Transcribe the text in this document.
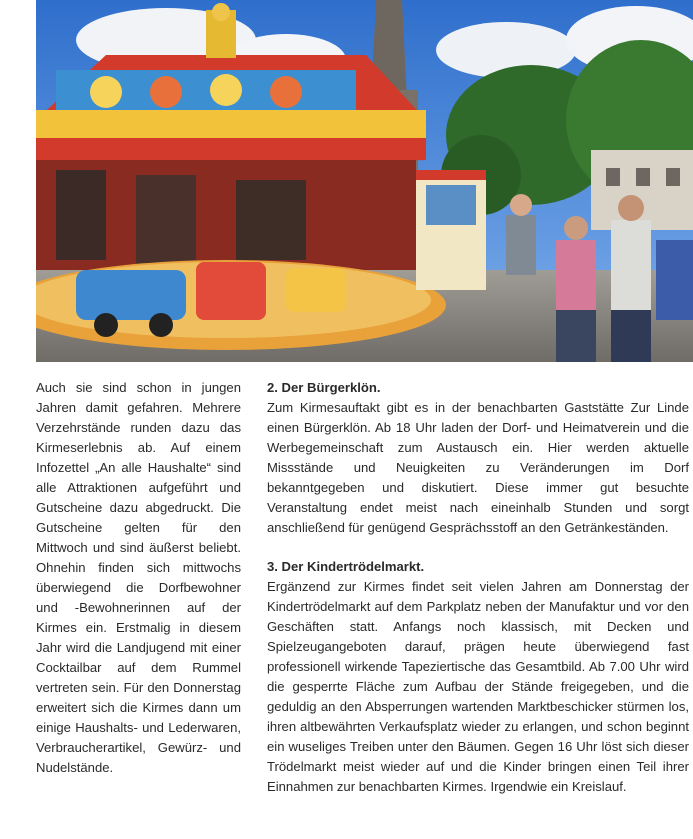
Auch sie sind schon in jungen Jahren damit gefahren. Mehrere Verzehrstände runden dazu das Kirmeserlebnis ab. Auf einem Infozettel „An alle Haushalte“ sind alle Attraktionen aufgeführt und Gutscheine dazu abgedruckt. Die Gutscheine gelten für den Mittwoch und sind äußerst beliebt. Ohnehin finden sich mittwochs überwiegend die Dorfbewohner und -Bewohnerinnen auf der Kirmes ein. Erstmalig in diesem Jahr wird die Landjugend mit einer Cocktailbar auf dem Rummel vertreten sein. Für den Donnerstag erweitert sich die Kirmes dann um einige Haushalts- und Lederwaren, Verbraucherartikel, Gewürz- und Nudelstände.

2. Der Bürgerklön.

Zum Kirmesauftakt gibt es in der benachbarten Gaststätte Zur Linde einen Bürgerklön. Ab 18 Uhr laden der Dorf- und Heimatverein und die Werbegemeinschaft zum Austausch ein. Hier werden aktuelle Missstände und Neuigkeiten zu Veränderungen im Dorf bekanntgegeben und diskutiert. Diese immer gut besuchte Veranstaltung endet meist nach eineinhalb Stunden und sorgt anschließend für genügend Gesprächsstoff an den Getränkeständen.

3. Der Kindertrödelmarkt.

Ergänzend zur Kirmes findet seit vielen Jahren am Donnerstag der Kindertrödelmarkt auf dem Parkplatz neben der Manufaktur und vor den Geschäften statt. Anfangs noch klassisch, mit Decken und Spielzeugangeboten darauf, prägen heute überwiegend fast professionell wirkende Tapeziertische das Gesamtbild. Ab 7.00 Uhr wird die gesperrte Fläche zum Aufbau der Stände freigegeben, und die geduldig an den Absperrungen wartenden Marktbeschicker stürmen los, ihren altbewährten Verkaufsplatz wieder zu erlangen, und schon beginnt ein wuseliges Treiben unter den Bäumen. Gegen 16 Uhr löst sich dieser Trödelmarkt meist wieder auf und die Kinder bringen einen Teil ihrer Einnahmen zur benachbarten Kirmes. Irgendwie ein Kreislauf.
